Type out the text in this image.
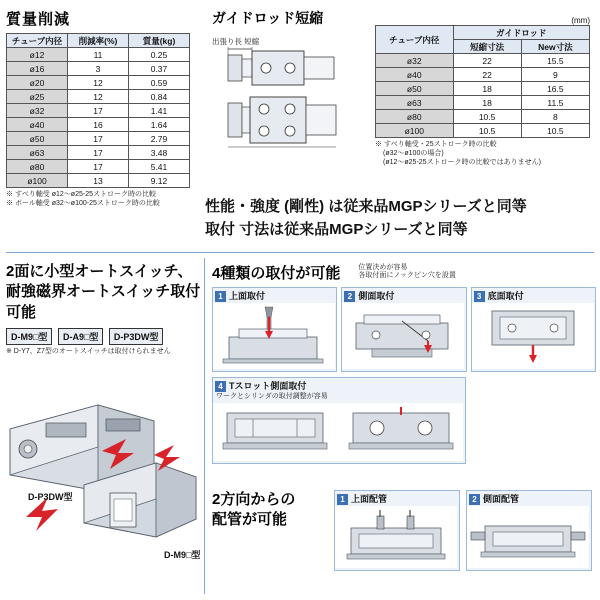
質量削減
チューブ内径	削減率(%)	質量(kg)
ø12	11	0.25
ø16	3	0.37
ø20	12	0.59
ø25	12	0.84
ø32	17	1.41
ø40	16	1.64
ø50	17	2.79
ø63	17	3.48
ø80	17	5.41
ø100	13	9.12
※ すべり軸受 ø12～ø25-25ストローク時の比較
※ ボール軸受 ø32～ø100-25ストローク時の比較
ガイドロッド短縮
出張り長 短縮
(mm)
チューブ内径	ガイドロッド	
	短縮寸法	New寸法
ø32	22	15.5
ø40	22	9
ø50	18	16.5
ø63	18	11.5
ø80	10.5	8
ø100	10.5	10.5
※ すべり軸受・25ストローク時の比較
(ø32～ø100の場合)
(ø12～ø25-25ストローク時の比較ではありません)
性能・強度 (剛性) は従来品MGPシリーズと同等
取付 寸法は従来品MGPシリーズと同等
2面に小型オートスイッチ、
耐強磁界オートスイッチ取付可能
D-M9□型 D-A9□型 D-P3DW型
※ D-Y7、Z7型のオートスイッチは取付けられません
D-P3DW型
D-M9□型
4種類の取付が可能	位置決めが容易
各取付面にノックピン穴を設置
1 上面取付	2 側面取付	3 底面取付
4 Tスロット側面取付
ワークとシリンダの取付調整が容易
2方向からの
配管が可能
1 上面配管	2 側面配管
